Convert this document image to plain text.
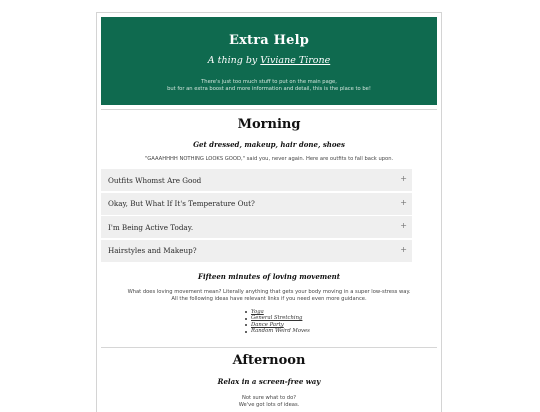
Extra Help
A thing by Viviane Tirone
There's just too much stuff to put on the main page,
but for an extra boost and more information and detail, this is the place to be!
Morning
Get dressed, makeup, hair done, shoes
"GAAAHHHH NOTHING LOOKS GOOD," said you, never again. Here are outfits to fall back upon.
Outfits Whomst Are Good	+
Okay, But What If It's Temperature Out?	+
I'm Being Active Today.	+
Hairstyles and Makeup?	+
Fifteen minutes of loving movement
What does loving movement mean? Literally anything that gets your body moving in a super low-stress way.
All the following ideas have relevant links if you need even more guidance.
Yoga
General Stretching
Dance Party
Random Weird Moves
Afternoon
Relax in a screen-free way
Not sure what to do?
We've got lots of ideas.
